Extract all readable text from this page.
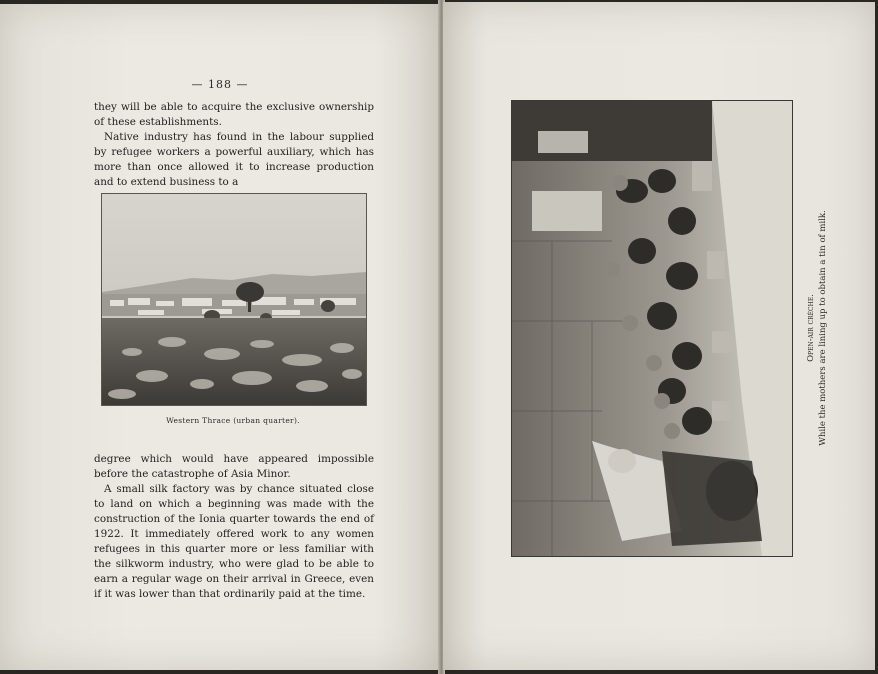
— 188 —

they will be able to acquire the exclusive ownership of these establishments.

Native industry has found in the labour supplied by refugee workers a powerful auxiliary, which has more than once allowed it to increase production and to extend business to a

Western Thrace (urban quarter).

degree which would have appeared impossible before the catastrophe of Asia Minor.

A small silk factory was by chance situated close to land on which a beginning was made with the construction of the Ionia quarter towards the end of 1922. It immediately offered work to any women refugees in this quarter more or less familiar with the silkworm industry, who were glad to be able to earn a regular wage on their arrival in Greece, even if it was lower than that ordinarily paid at the time.

Open-air crèche. While the mothers are lining up to obtain a tin of milk.
